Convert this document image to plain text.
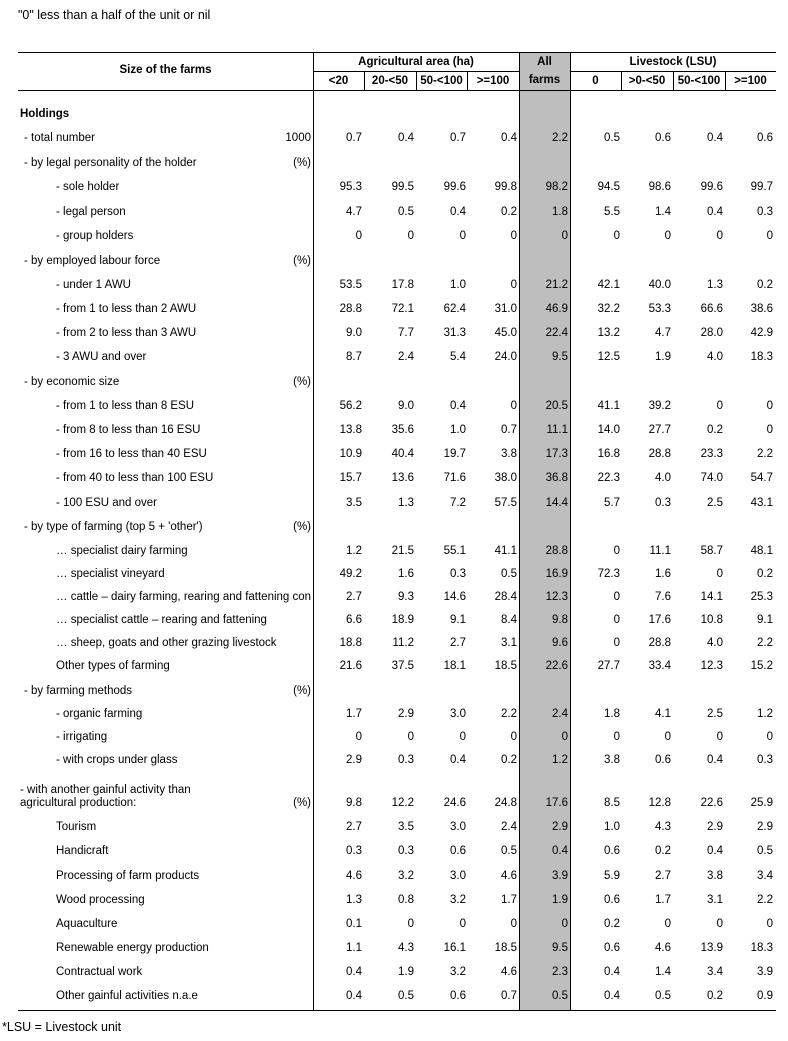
"0" less than a half of the unit or nil
Size of the farms
Agricultural area (ha)	All
farms
Livestock (LSU)
<20	20-<50	50-<100	>=100	0	>0-<50	50-<100	>=100
Holdings
- total number	1000	0.7	0.4	0.7	0.4	2.2	0.5	0.6	0.4	0.6
- by legal personality of the holder	(%)
- sole holder	95.3	99.5	99.6	99.8	98.2	94.5	98.6	99.6	99.7
- legal person	4.7	0.5	0.4	0.2	1.8	5.5	1.4	0.4	0.3
- group holders	0	0	0	0	0	0	0	0	0
- by employed labour force	(%)
- under 1 AWU	53.5	17.8	1.0	0	21.2	42.1	40.0	1.3	0.2
- from 1 to less than 2 AWU	28.8	72.1	62.4	31.0	46.9	32.2	53.3	66.6	38.6
- from 2 to less than 3 AWU	9.0	7.7	31.3	45.0	22.4	13.2	4.7	28.0	42.9
- 3 AWU and over	8.7	2.4	5.4	24.0	9.5	12.5	1.9	4.0	18.3
- by economic size	(%)
- from 1 to less than 8 ESU	56.2	9.0	0.4	0	20.5	41.1	39.2	0	0
- from 8 to less than 16 ESU	13.8	35.6	1.0	0.7	11.1	14.0	27.7	0.2	0
- from 16 to less than 40 ESU	10.9	40.4	19.7	3.8	17.3	16.8	28.8	23.3	2.2
- from 40 to less than 100 ESU	15.7	13.6	71.6	38.0	36.8	22.3	4.0	74.0	54.7
- 100 ESU and over	3.5	1.3	7.2	57.5	14.4	5.7	0.3	2.5	43.1
- by type of farming (top 5 + 'other')	(%)
… specialist dairy farming	1.2	21.5	55.1	41.1	28.8	0	11.1	58.7	48.1
… specialist vineyard	49.2	1.6	0.3	0.5	16.9	72.3	1.6	0	0.2
… cattle – dairy farming, rearing and fattening con	2.7	9.3	14.6	28.4	12.3	0	7.6	14.1	25.3
… specialist cattle – rearing and fattening	6.6	18.9	9.1	8.4	9.8	0	17.6	10.8	9.1
… sheep, goats and other grazing livestock	18.8	11.2	2.7	3.1	9.6	0	28.8	4.0	2.2
Other types of farming	21.6	37.5	18.1	18.5	22.6	27.7	33.4	12.3	15.2
- by farming methods	(%)
- organic farming	1.7	2.9	3.0	2.2	2.4	1.8	4.1	2.5	1.2
- irrigating	0	0	0	0	0	0	0	0	0
- with crops under glass	2.9	0.3	0.4	0.2	1.2	3.8	0.6	0.4	0.3
- with another gainful activity than
agricultural production:	(%)	9.8	12.2	24.6	24.8	17.6	8.5	12.8	22.6	25.9
Tourism	2.7	3.5	3.0	2.4	2.9	1.0	4.3	2.9	2.9
Handicraft	0.3	0.3	0.6	0.5	0.4	0.6	0.2	0.4	0.5
Processing of farm products	4.6	3.2	3.0	4.6	3.9	5.9	2.7	3.8	3.4
Wood processing	1.3	0.8	3.2	1.7	1.9	0.6	1.7	3.1	2.2
Aquaculture	0.1	0	0	0	0	0.2	0	0	0
Renewable energy production	1.1	4.3	16.1	18.5	9.5	0.6	4.6	13.9	18.3
Contractual work	0.4	1.9	3.2	4.6	2.3	0.4	1.4	3.4	3.9
Other gainful activities n.a.e	0.4	0.5	0.6	0.7	0.5	0.4	0.5	0.2	0.9
*LSU = Livestock unit
